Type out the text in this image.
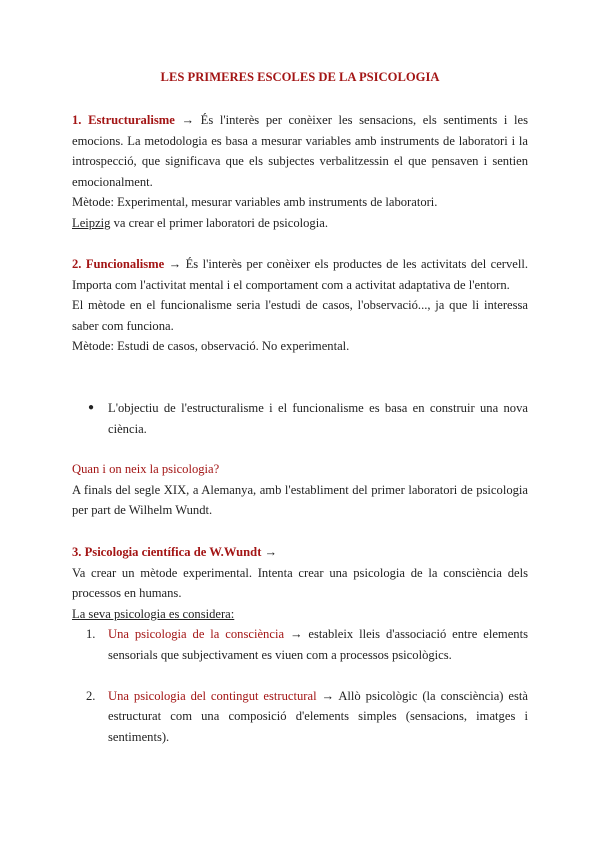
LES PRIMERES ESCOLES DE LA PSICOLOGIA

1. Estructuralisme → És l'interès per conèixer les sensacions, els sentiments i les emocions. La metodologia es basa a mesurar variables amb instruments de laboratori i la introspecció, que significava que els subjectes verbalitzessin el que pensaven i sentien emocionalment.

Mètode: Experimental, mesurar variables amb instruments de laboratori.

Leipzig va crear el primer laboratori de psicologia.

2. Funcionalisme → És l'interès per conèixer els productes de les activitats del cervell. Importa com l'activitat mental i el comportament com a activitat adaptativa de l'entorn.

El mètode en el funcionalisme seria l'estudi de casos, l'observació..., ja que li interessa saber com funciona.

Mètode: Estudi de casos, observació. No experimental.

● L'objectiu de l'estructuralisme i el funcionalisme es basa en construir una nova ciència.

Quan i on neix la psicologia?

A finals del segle XIX, a Alemanya, amb l'establiment del primer laboratori de psicologia per part de Wilhelm Wundt.

3. Psicologia científica de W.Wundt →

Va crear un mètode experimental. Intenta crear una psicologia de la consciència dels processos en humans.

La seva psicologia es considera:

1. Una psicologia de la consciència → estableix lleis d'associació entre elements sensorials que subjectivament es viuen com a processos psicològics.
2. Una psicologia del contingut estructural → Allò psicològic (la consciència) està estructurat com una composició d'elements simples (sensacions, imatges i sentiments).
